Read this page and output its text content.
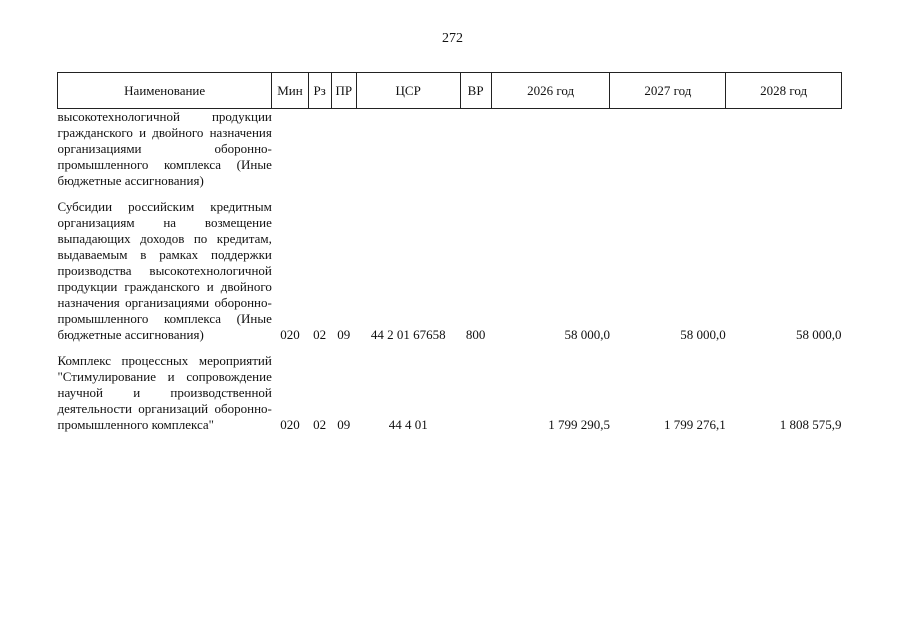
272
Наименование	Мин	Рз	ПР	ЦСР	ВР	2026 год	2027 год	2028 год
высокотехнологичной продукции гражданского и двойного назначения организациями оборонно-промышленного комплекса (Иные бюджетные ассигнования)								
Субсидии российским кредитным организациям на возмещение выпадающих доходов по кредитам, выдаваемым в рамках поддержки производства высокотехнологичной продукции гражданского и двойного назначения организациями оборонно-промышленного комплекса (Иные бюджетные ассигнования)	020	02	09	44 2 01 67658	800	58 000,0	58 000,0	58 000,0
Комплекс процессных мероприятий "Стимулирование и сопровождение научной и производственной деятельности организаций оборонно-промышленного комплекса"	020	02	09	44 4 01		1 799 290,5	1 799 276,1	1 808 575,9
